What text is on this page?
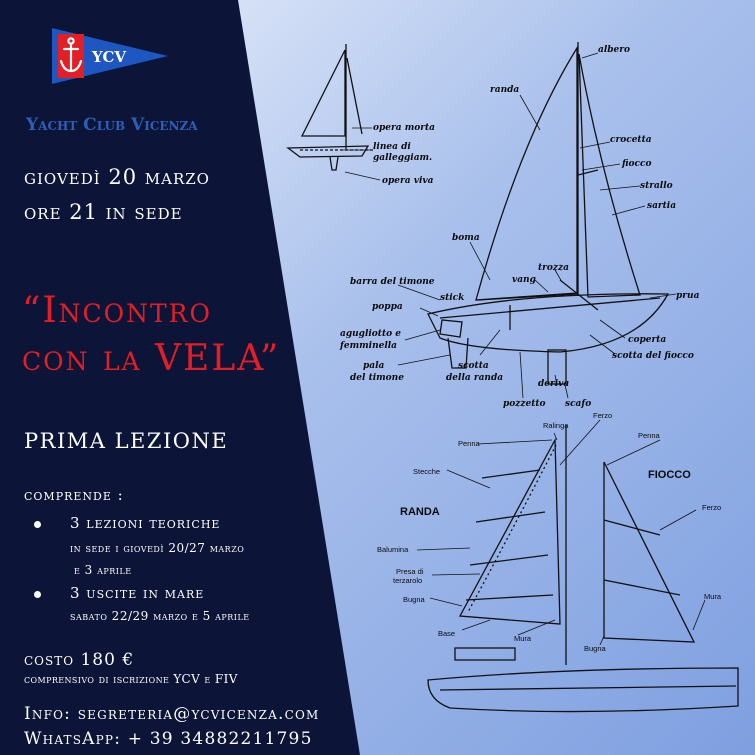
albero
randa
opera morta
linea di
galleggiam.
opera viva
crocetta
fiocco
strallo
sartia
boma
trozza
vang
barra del timone
stick
poppa
prua
agugliotto e
femminella
coperta
scotta del fiocco
pala
del timone
scotta
della randa
deriva
pozzetto scafo
Ferzo
Ralinga
Penna
Penna
Stecche	FIOCCO
RANDA	Ferzo
Balumina
Presa di
terzarolo
Bugna	Mura
Base
Mura
Bugna
YCV
Yacht Club Vicenza
giovedì 20 marzo
ore 21 in sede
“Incontro
con la VELA”
PRIMA LEZIONE
comprende :
3 lezioni teoriche
in sede i giovedì 20/27 marzo
e 3 aprile
3 uscite in mare
sabato 22/29 marzo e 5 aprile
costo 180 €
comprensivo di iscrizione YCV e FIV
Info: segreteria@ycvicenza.com
WhatsApp: + 39 34882211795
